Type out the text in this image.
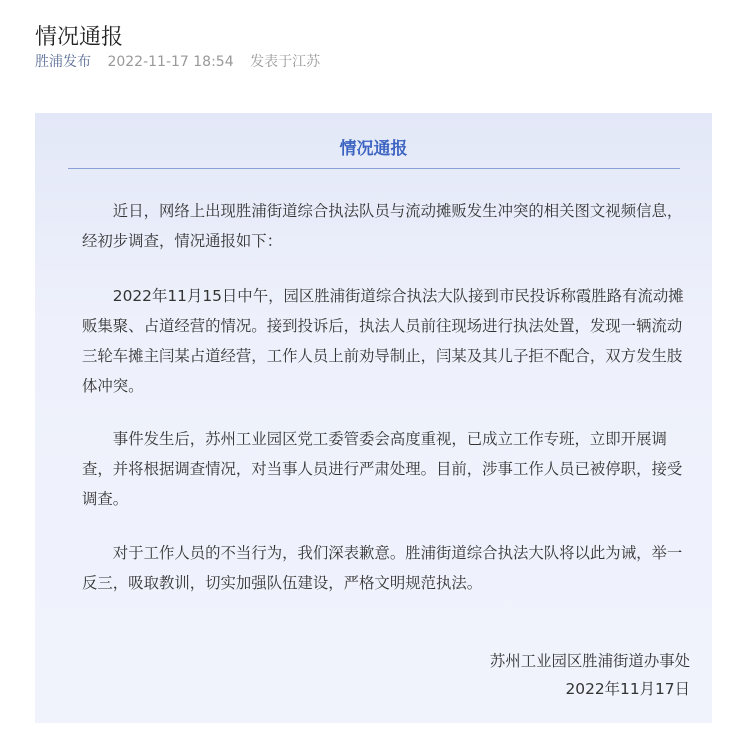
情况通报
胜浦发布 2022-11-17 18:54 发表于江苏
情况通报
近日，网络上出现胜浦街道综合执法队员与流动摊贩发生冲突的相关图文视频信息，经初步调查，情况通报如下：
2022年11月15日中午，园区胜浦街道综合执法大队接到市民投诉称霞胜路有流动摊贩集聚、占道经营的情况。接到投诉后，执法人员前往现场进行执法处置，发现一辆流动三轮车摊主闫某占道经营，工作人员上前劝导制止，闫某及其儿子拒不配合，双方发生肢体冲突。
事件发生后，苏州工业园区党工委管委会高度重视，已成立工作专班，立即开展调查，并将根据调查情况，对当事人员进行严肃处理。目前，涉事工作人员已被停职，接受调查。
对于工作人员的不当行为，我们深表歉意。胜浦街道综合执法大队将以此为诫，举一反三，吸取教训，切实加强队伍建设，严格文明规范执法。
苏州工业园区胜浦街道办事处
2022年11月17日
